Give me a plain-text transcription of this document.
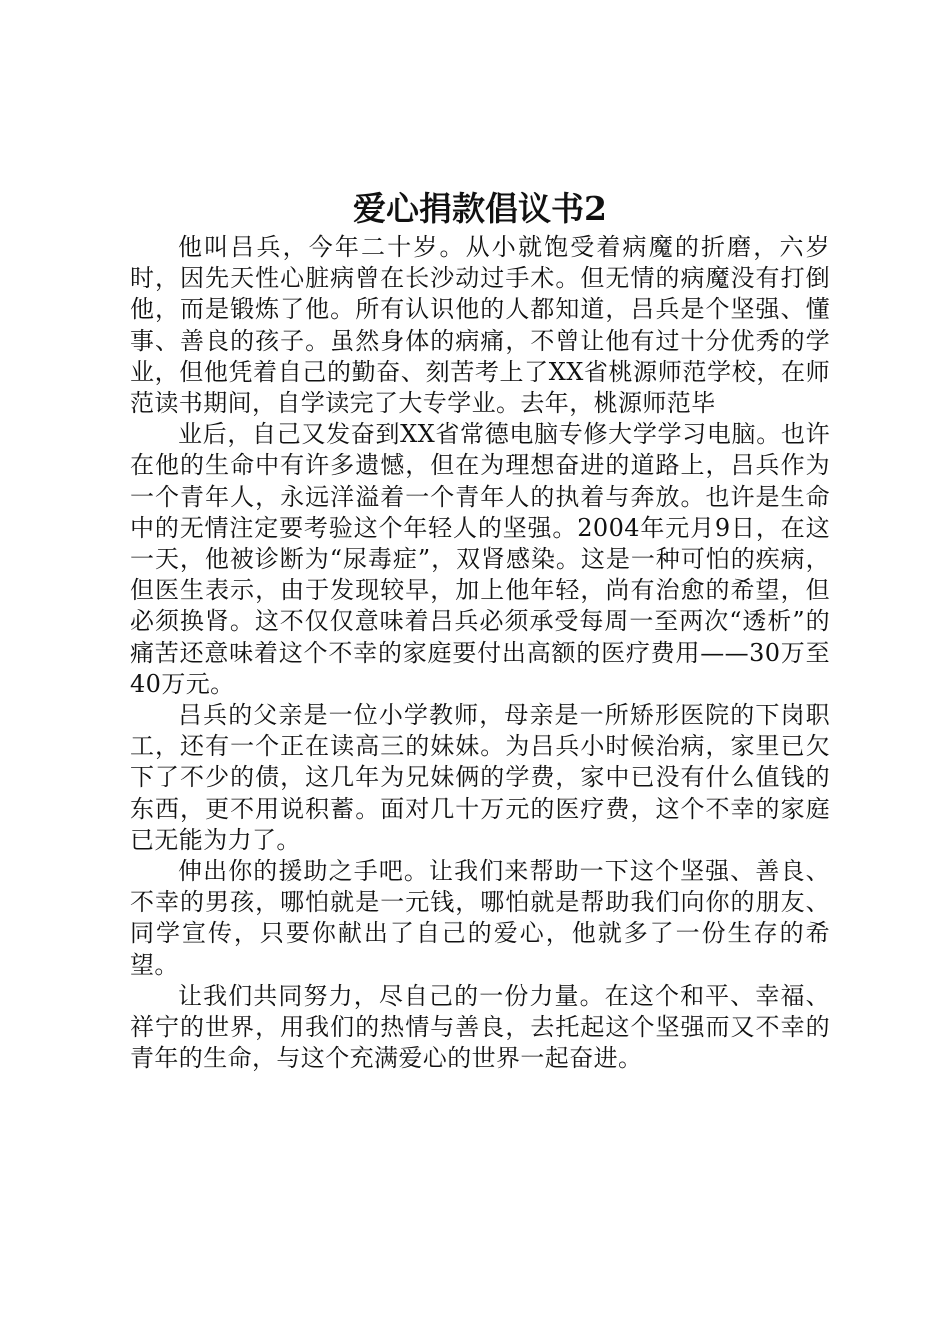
爱心捐款倡议书2

他叫吕兵，今年二十岁。从小就饱受着病魔的折磨，六岁时，因先天性心脏病曾在长沙动过手术。但无情的病魔没有打倒他，而是锻炼了他。所有认识他的人都知道，吕兵是个坚强、懂事、善良的孩子。虽然身体的病痛，不曾让他有过十分优秀的学业，但他凭着自己的勤奋、刻苦考上了XX省桃源师范学校，在师范读书期间，自学读完了大专学业。去年，桃源师范毕

业后，自己又发奋到XX省常德电脑专修大学学习电脑。也许在他的生命中有许多遗憾，但在为理想奋进的道路上，吕兵作为一个青年人，永远洋溢着一个青年人的执着与奔放。也许是生命中的无情注定要考验这个年轻人的坚强。2004年元月9日，在这一天，他被诊断为“尿毒症”，双肾感染。这是一种可怕的疾病，但医生表示，由于发现较早，加上他年轻，尚有治愈的希望，但必须换肾。这不仅仅意味着吕兵必须承受每周一至两次“透析”的痛苦还意味着这个不幸的家庭要付出高额的医疗费用——30万至40万元。

吕兵的父亲是一位小学教师，母亲是一所矫形医院的下岗职工，还有一个正在读高三的妹妹。为吕兵小时候治病，家里已欠下了不少的债，这几年为兄妹俩的学费，家中已没有什么值钱的东西，更不用说积蓄。面对几十万元的医疗费，这个不幸的家庭已无能为力了。

伸出你的援助之手吧。让我们来帮助一下这个坚强、善良、不幸的男孩，哪怕就是一元钱，哪怕就是帮助我们向你的朋友、同学宣传，只要你献出了自己的爱心，他就多了一份生存的希望。

让我们共同努力，尽自己的一份力量。在这个和平、幸福、祥宁的世界，用我们的热情与善良，去托起这个坚强而又不幸的青年的生命，与这个充满爱心的世界一起奋进。
